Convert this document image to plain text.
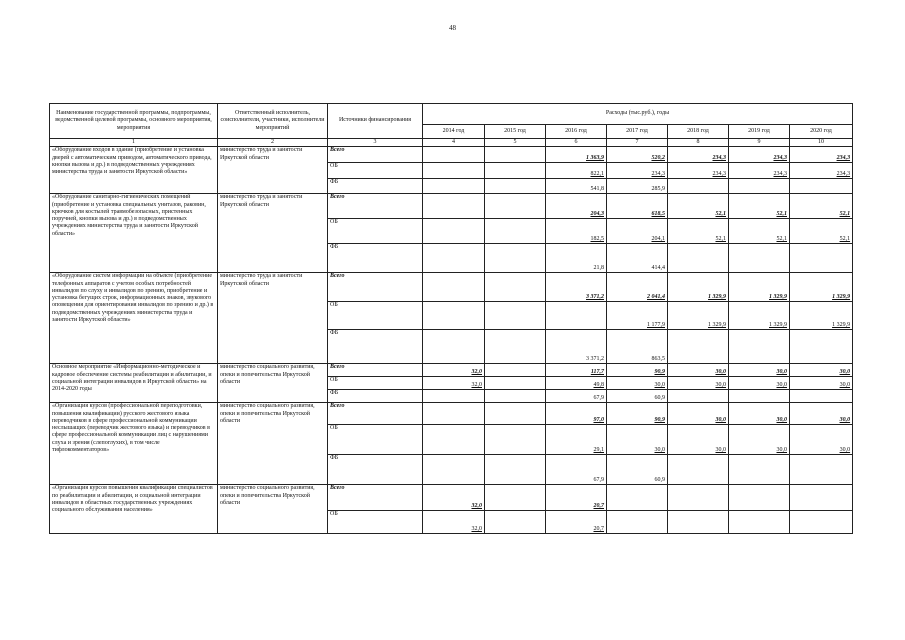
48
Наименование государственной программы, подпрограммы, ведомственной целевой программы, основного мероприятия, мероприятия	Ответственный исполнитель, соисполнители, участники, исполнители мероприятий	Источники финансирования	Расходы (тыс.руб.), годы						
			2014 год	2015 год	2016 год	2017 год	2018 год	2019 год	2020 год
1	2	3	4	5	6	7	8	9	10
«Оборудование входов в здание (приобретение и установка дверей с автоматическим приводом, автоматического привода, кнопки вызова и др.) в подведомственных учреждениях министерства труда и занятости Иркутской области»	министерство труда и занятости Иркутской области	Всего			1 363,9	520,2	234,3	234,3	234,3
		ОБ			822,1	234,3	234,3	234,3	234,3
		ФБ			541,8	285,9			
«Оборудование санитарно-гигиенических помещений (приобретение и установка специальных унитазов, раковин, крючков для костылей травмобезопасных, пристенных поручней, кнопки вызова и др.) в подведомственных учреждениях министерства труда и занятости Иркутской области»	министерство труда и занятости Иркутской области	Всего			204,3	618,5	52,1	52,1	52,1
		ОБ			182,5	204,1	52,1	52,1	52,1
		ФБ			21,8	414,4			
«Оборудование систем информации на объекте (приобретение телефонных аппаратов с учетом особых потребностей инвалидов по слуху и инвалидов по зрению, приобретение и установка бегущих строк, информационных знаков, звукового оповещения для ориентирования инвалидов по зрению и др.) в подведомственных учреждениях министерства труда и занятости Иркутской области»	министерство труда и занятости Иркутской области	Всего			3 371,2	2 041,4	1 329,9	1 329,9	1 329,9
		ОБ				1 177,9	1 329,9	1 329,9	1 329,9
		ФБ			3 371,2	863,5			
Основное мероприятие «Информационно-методическое и кадровое обеспечение системы реабилитации и абилитации, и социальной интеграции инвалидов в Иркутской области» на 2014-2020 годы	министерство социального развития, опеки и попечительства Иркутской области	Всего	32,0		117,7	90,9	30,0	30,0	30,0
		ОБ	32,0		49,8	30,0	30,0	30,0	30,0
		ФБ			67,9	60,9			
«Организация курсов (профессиональной переподготовки, повышения квалификации) русского жестового языка переводчиков в сфере профессиональной коммуникации неслышащих (переводчик жестового языка) и переводчиков в сфере профессиональной коммуникации лиц с нарушениями слуха и зрения (слепоглухих), в том числе тифлокомментаторов»	министерство социального развития, опеки и попечительства Иркутской области	Всего			97,0	90,9	30,0	30,0	30,0
		ОБ			29,1	30,0	30,0	30,0	30,0
		ФБ			67,9	60,9			
«Организация курсов повышения квалификации специалистов по реабилитации и абилитации, и социальной интеграции инвалидов в областных государственных учреждениях социального обслуживания населения»	министерство социального развития, опеки и попечительства Иркутской области	Всего	32,0		20,7				
		ОБ	32,0		20,7				
